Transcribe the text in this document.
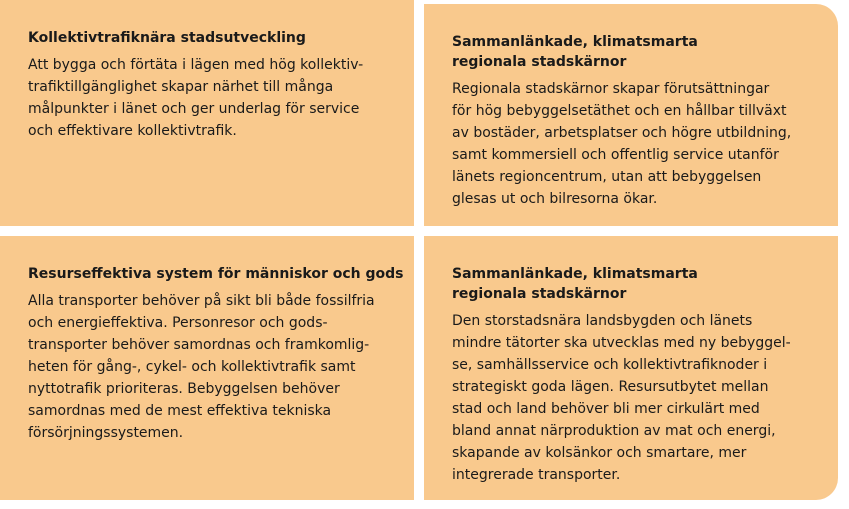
Kollektivtrafiknära stadsutveckling

Att bygga och förtäta i lägen med hög kollektiv-
trafiktillgänglighet skapar närhet till många
målpunkter i länet och ger underlag för service
och effektivare kollektivtrafik.

Sammanlänkade, klimatsmarta
regionala stadskärnor

Regionala stadskärnor skapar förutsättningar
för hög bebyggelsetäthet och en hållbar tillväxt
av bostäder, arbetsplatser och högre utbildning,
samt kommersiell och offentlig service utanför
länets regioncentrum, utan att bebyggelsen
glesas ut och bilresorna ökar.

Resurseffektiva system för människor och gods

Alla transporter behöver på sikt bli både fossilfria
och energieffektiva. Personresor och gods-
transporter behöver samordnas och framkomlig-
heten för gång-, cykel- och kollektivtrafik samt
nyttotrafik prioriteras. Bebyggelsen behöver
samordnas med de mest effektiva tekniska
försörjningssystemen.

Sammanlänkade, klimatsmarta
regionala stadskärnor

Den storstadsnära landsbygden och länets
mindre tätorter ska utvecklas med ny bebyggel-
se, samhällsservice och kollektivtrafiknoder i
strategiskt goda lägen. Resursutbytet mellan
stad och land behöver bli mer cirkulärt med
bland annat närproduktion av mat och energi,
skapande av kolsänkor och smartare, mer
integrerade transporter.
